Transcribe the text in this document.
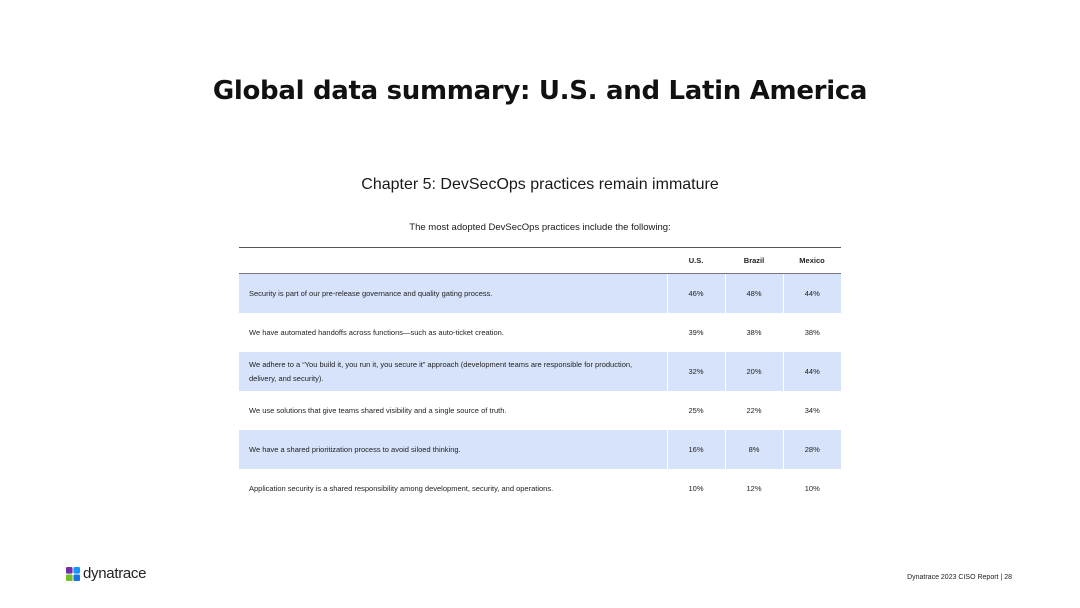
Global data summary: U.S. and Latin America
Chapter 5: DevSecOps practices remain immature
The most adopted DevSecOps practices include the following:
	U.S.	Brazil	Mexico
Security is part of our pre-release governance and quality gating process.	46%	48%	44%
We have automated handoffs across functions—such as auto-ticket creation.	39%	38%	38%
We adhere to a “You build it, you run it, you secure it” approach (development teams are responsible for production, delivery, and security).	32%	20%	44%
We use solutions that give teams shared visibility and a single source of truth.	25%	22%	34%
We have a shared prioritization process to avoid siloed thinking.	16%	8%	28%
Application security is a shared responsibility among development, security, and operations.	10%	12%	10%
dynatrace	Dynatrace 2023 CISO Report | 28
